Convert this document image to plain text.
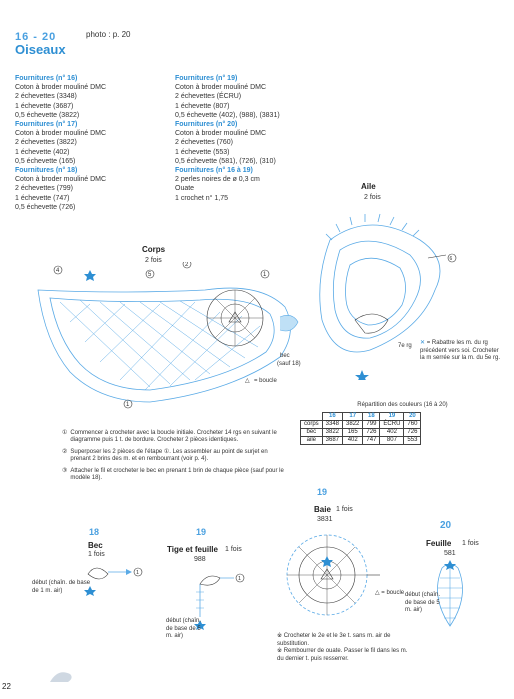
16 - 20	photo : p. 20
Oiseaux
Fournitures (n° 16)
Coton à broder mouliné DMC
2 échevettes (3348)
1 échevette (3687)
0,5 échevette (3822)
Fournitures (n° 17)
Coton à broder mouliné DMC
2 échevettes (3822)
1 échevette (402)
0,5 échevette (165)
Fournitures (n° 18)
Coton à broder mouliné DMC
2 échevettes (799)
1 échevette (747)
0,5 échevette (726)
Fournitures (n° 19)
Coton à broder mouliné DMC
2 échevettes (ÉCRU)
1 échevette (807)
0,5 échevette (402), (988), (3831)
Fournitures (n° 20)
Coton à broder mouliné DMC
2 échevettes (760)
1 échevette (553)
0,5 échevette (581), (726), (310)
Fournitures (n° 16 à 19)
2 perles noires de ø 0,3 cm
Ouate
1 crochet n° 1,75
Aile
2 fois
6
Corps
2 fois
4
5
2
1
1
bec
(sauf 18)
△ = boucle
7e rg ✕ = Rabattre les m. du rg précédent vers soi. Crocheter la m serrée sur la m. du 5e rg.
① Commencer à crocheter avec la boucle initiale. Crocheter 14 rgs en suivant le diagramme puis 1 t. de bordure. Crocheter 2 pièces identiques.
② Superposer les 2 pièces de l'étape ①. Les assembler au point de surjet en prenant 2 brins des m. et en rembourrant (voir p. 4).
③ Attacher le fil et crocheter le bec en prenant 1 brin de chaque pièce (sauf pour le modèle 18).
Répartition des couleurs (16 à 20)
	16	17	18	19	20
corps	3348	3822	799	ÉCRU	760
bec	3822	165	726	402	726
aile	3687	402	747	807	553
19
Baie 1 fois
3831
△ = boucle
※ Crocheter le 2e et le 3e t. sans m. air de substitution.
※ Rembourrer de ouate. Passer le fil dans les m. du dernier t. puis resserrer.
18
Bec
1 fois
1
début (chaîn. de base de 1 m. air)
19
Tige et feuille 1 fois
988
1
début (chaîn. de base de 5 m. air)
20
Feuille 1 fois
581
début (chaîn. de base de 5 m. air)
22
